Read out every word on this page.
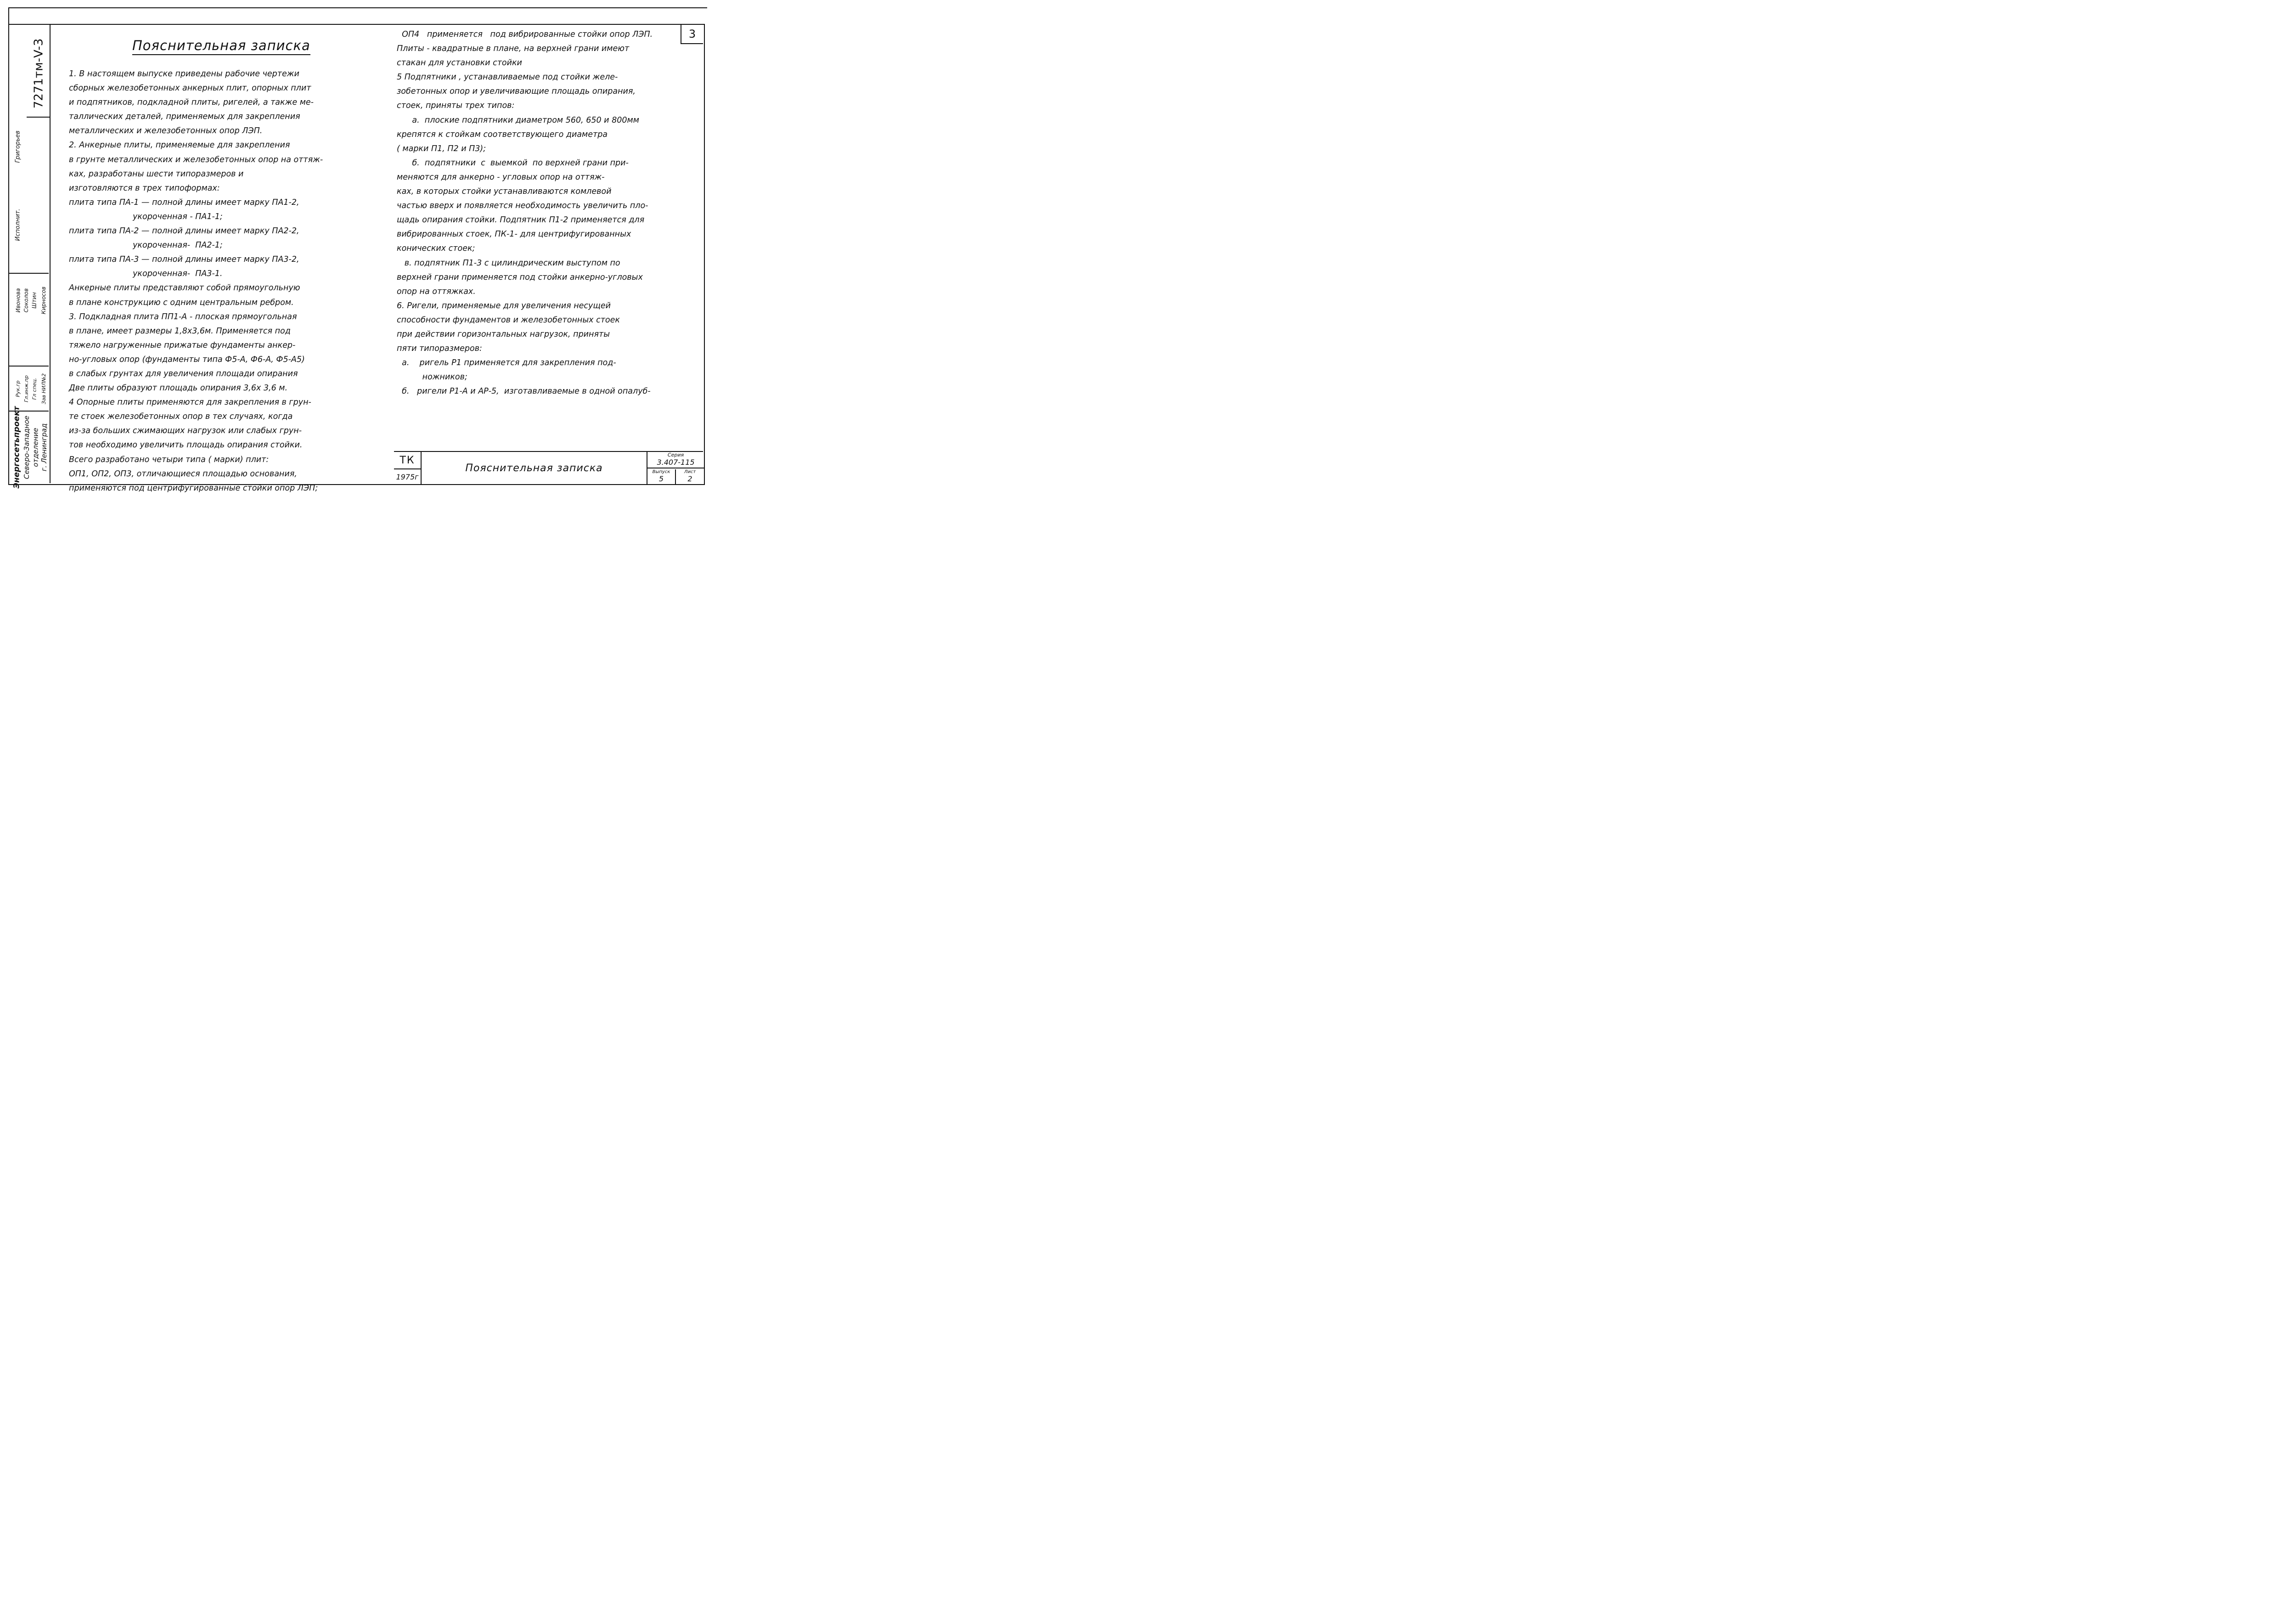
7271тм-V-3
Григорьев
Исполнит.
Кирносов
Штин
Соколов
Ивонова
Зав НИЛ№2
Гл спец.
Гл.инж.пр
Рук.гр
Энергосетьпроект Северо-Западное отделение г. Ленинград
3
Пояснительная записка
1. В настоящем выпуске приведены рабочие чертежи
сборных железобетонных анкерных плит, опорных плит
и подпятников, подкладной плиты, ригелей, а также ме-
таллических деталей, применяемых для закрепления
металлических и железобетонных опор ЛЭП.
2. Анкерные плиты, применяемые для закрепления
в грунте металлических и железобетонных опор на оттяж-
ках, разработаны шести типоразмеров и
изготовляются в трех типоформах:
плита типа ПА-1 — полной длины имеет марку ПА1-2,
укороченная - ПА1-1;
плита типа ПА-2 — полной длины имеет марку ПА2-2,
укороченная-  ПА2-1;
плита типа ПА-3 — полной длины имеет марку ПА3-2,
укороченная-  ПА3-1.
Анкерные плиты представляют собой прямоугольную
в плане конструкцию с одним центральным ребром.
3. Подкладная плита ПП1-А - плоская прямоугольная
в плане, имеет размеры 1,8х3,6м. Применяется под
тяжело нагруженные прижатые фундаменты анкер-
но-угловых опор (фундаменты типа Ф5-А, Ф6-А, Ф5-А5)
в слабых грунтах для увеличения площади опирания
Две плиты образуют площадь опирания 3,6х 3,6 м.
4 Опорные плиты применяются для закрепления в грун-
те стоек железобетонных опор в тех случаях, когда
из-за больших сжимающих нагрузок или слабых грун-
тов необходимо увеличить площадь опирания стойки.
Всего разработано четыри типа ( марки) плит:
ОП1, ОП2, ОП3, отличающиеся площадью основания,
применяются под центрифугированные стойки опор ЛЭП;
ОП4   применяется   под вибрированные стойки опор ЛЭП.
Плиты - квадратные в плане, на верхней грани имеют
стакан для установки стойки
5 Подпятники , устанавливаемые под стойки желе-
зобетонных опор и увеличивающие площадь опирания,
стоек, приняты трех типов:
а.  плоские подпятники диаметром 560, 650 и 800мм
крепятся к стойкам соответствующего диаметра
( марки П1, П2 и П3);
б.  подпятники  с  выемкой  по верхней грани при-
меняются для анкерно - угловых опор на оттяж-
ках, в которых стойки устанавливаются комлевой
частью вверх и появляется необходимость увеличить пло-
щадь опирания стойки. Подпятник П1-2 применяется для
вибрированных стоек, ПК-1- для центрифугированных
конических стоек;
в. подпятник П1-3 с цилиндрическим выступом по
верхней грани применяется под стойки анкерно-угловых
опор на оттяжках.
6. Ригели, применяемые для увеличения несущей
способности фундаментов и железобетонных стоек
при действии горизонтальных нагрузок, приняты
пяти типоразмеров:
а.    ригель Р1 применяется для закрепления под-
ножников;
б.   ригели Р1-А и АР-5,  изготавливаемые в одной опалуб-
ТК
1975г
Пояснительная записка
Серия
3.407-115
Выпуск
5
Лист
2
